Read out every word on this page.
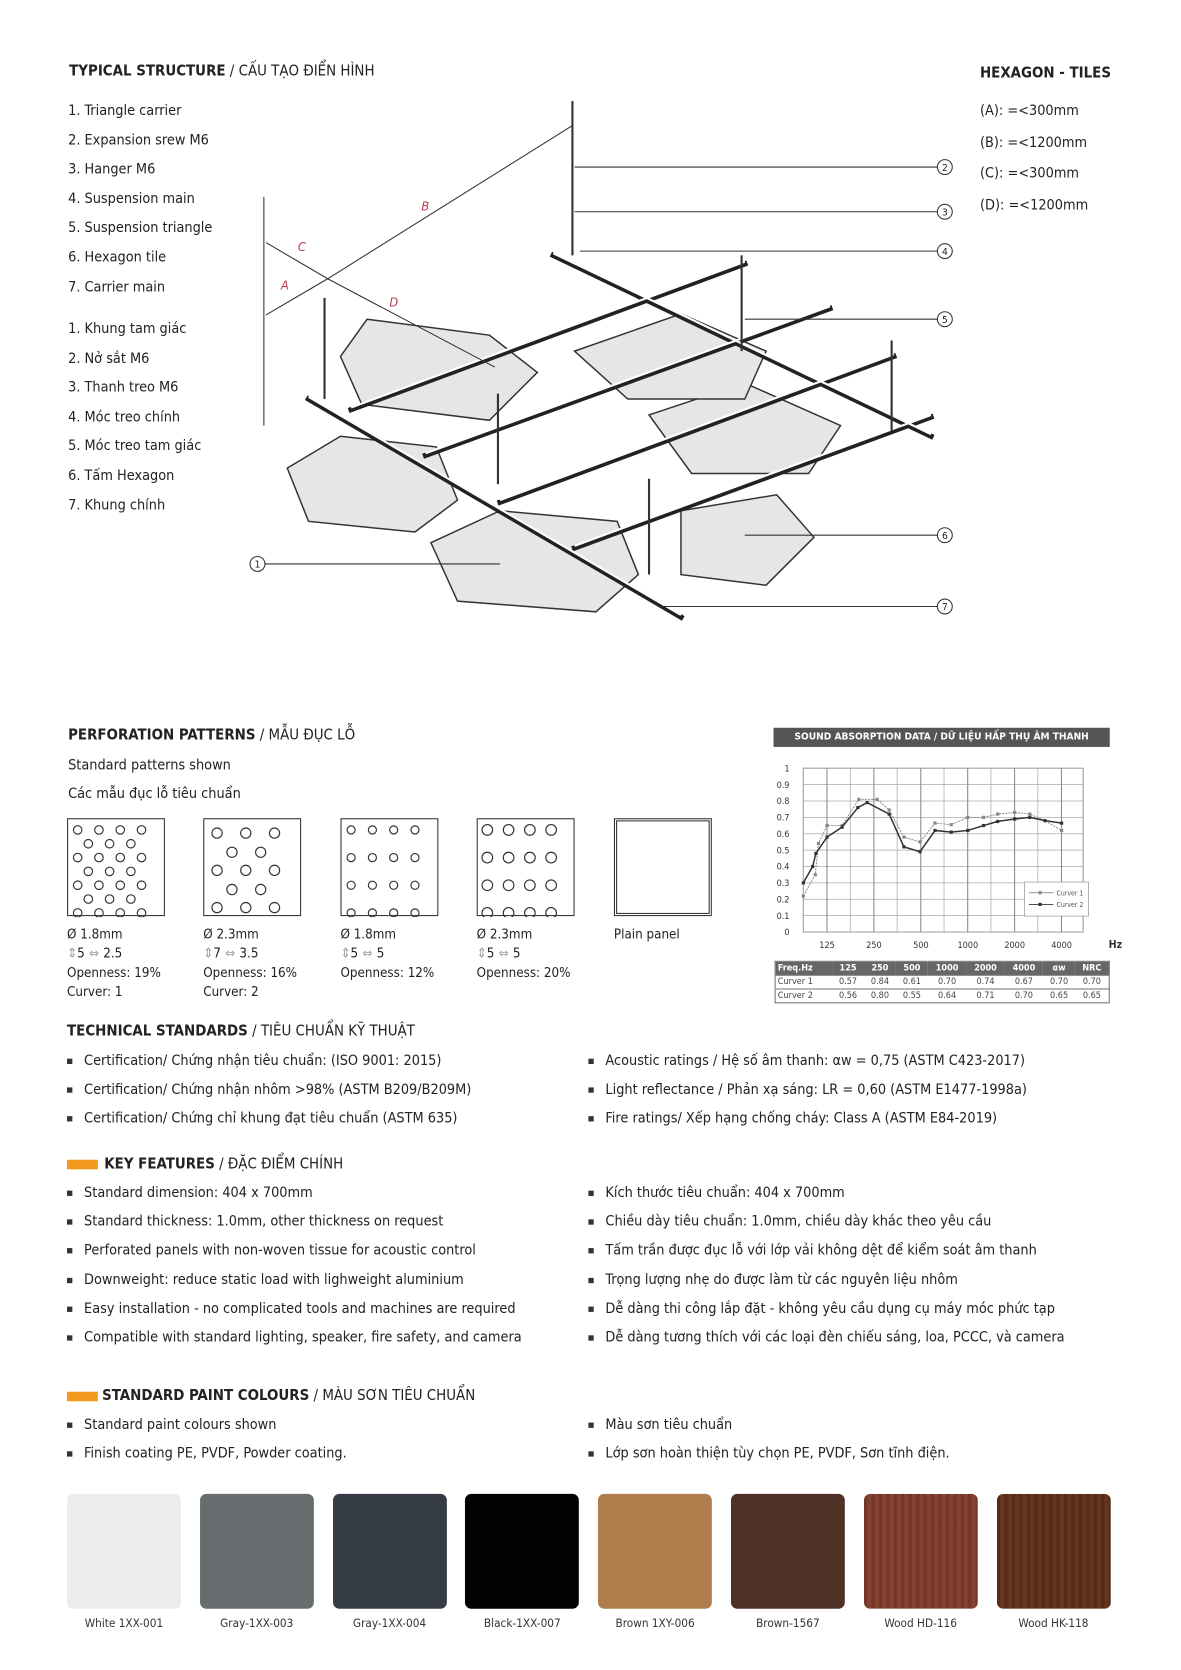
TYPICAL STRUCTURE / CẤU TẠO ĐIỂN HÌNH
1. Triangle carrier
2. Expansion srew M6
3. Hanger M6
4. Suspension main
5. Suspension triangle
6. Hexagon tile
7. Carrier main
1. Khung tam giác
2. Nở sắt M6
3. Thanh treo M6
4. Móc treo chính
5. Móc treo tam giác
6. Tấm Hexagon
7. Khung chính
HEXAGON - TILES
(A): =<300mm
(B): =<1200mm
(C): =<300mm
(D): =<1200mm
A
B
C
D
1
2
3
4
5
6
7
PERFORATION PATTERNS / MẪU ĐỤC LỖ
Standard patterns shown
Các mẫu đục lỗ tiêu chuẩn
Ø 1.8mm
⇕5 ⇔ 2.5
Openness: 19%
Curver: 1
Ø 2.3mm
⇕7 ⇔ 3.5
Openness: 16%
Curver: 2
Ø 1.8mm
⇕5 ⇔ 5
Openness: 12%
Ø 2.3mm
⇕5 ⇔ 5
Openness: 20%
Plain panel
SOUND ABSORPTION DATA / DỮ LIỆU HẤP THỤ ÂM THANH
0
0.1
0.2
0.3
0.4
0.5
0.6
0.7
0.8
0.9
1
125	250	500	1000	2000	4000	Hz
Curver 1
Curver 2
Freq.Hz	125	250	500	1000	2000	4000	αw	NRC
Curver 1	0.57	0.84	0.61	0.70	0.74	0.67	0.70	0.70
Curver 2	0.56	0.80	0.55	0.64	0.71	0.70	0.65	0.65
TECHNICAL STANDARDS / TIÊU CHUẨN KỸ THUẬT
Certification/ Chứng nhận tiêu chuẩn: (ISO 9001: 2015)
Certification/ Chứng nhận nhôm >98% (ASTM B209/B209M)
Certification/ Chứng chỉ khung đạt tiêu chuẩn (ASTM 635)
Acoustic ratings / Hệ số âm thanh: αw = 0,75 (ASTM C423-2017)
Light reflectance / Phản xạ sáng: LR = 0,60 (ASTM E1477-1998a)
Fire ratings/ Xếp hạng chống cháy: Class A (ASTM E84-2019)
KEY FEATURES / ĐẶC ĐIỂM CHÍNH
Standard dimension: 404 x 700mm
Standard thickness: 1.0mm, other thickness on request
Perforated panels with non-woven tissue for acoustic control
Downweight: reduce static load with lighweight aluminium
Easy installation - no complicated tools and machines are required
Compatible with standard lighting, speaker, fire safety, and camera
Kích thước tiêu chuẩn: 404 x 700mm
Chiều dày tiêu chuẩn: 1.0mm, chiều dày khác theo yêu cầu
Tấm trần được đục lỗ với lớp vải không dệt để kiểm soát âm thanh
Trọng lượng nhẹ do được làm từ các nguyên liệu nhôm
Dễ dàng thi công lắp đặt - không yêu cầu dụng cụ máy móc phức tạp
Dễ dàng tương thích với các loại đèn chiếu sáng, loa, PCCC, và camera
STANDARD PAINT COLOURS / MÀU SƠN TIÊU CHUẨN
Standard paint colours shown
Finish coating PE, PVDF, Powder coating.
Màu sơn tiêu chuẩn
Lớp sơn hoàn thiện tùy chọn PE, PVDF, Sơn tĩnh điện.
White 1XX-001	Gray-1XX-003	Gray-1XX-004	Black-1XX-007	Brown 1XY-006	Brown-1567	Wood HD-116	Wood HK-118
